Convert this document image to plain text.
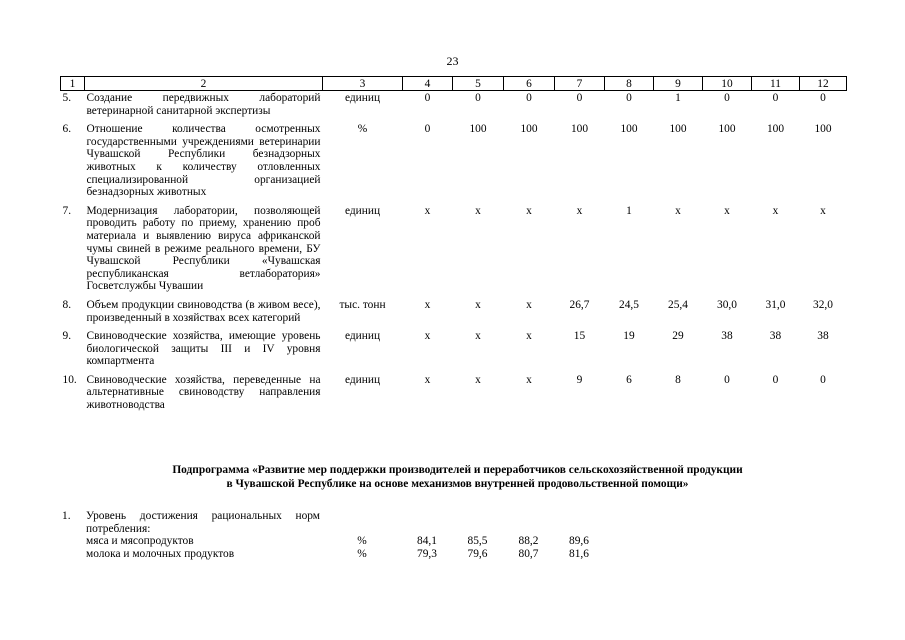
23
1	2	3	4	5	6	7	8	9	10	11	12
5.	Создание передвижных лабораторий ветеринарной санитарной экспертизы	единиц	0	0	0	0	0	1	0	0	0
6.	Отношение количества осмотренных государственными учреждениями ветеринарии Чувашской Республики безнадзорных животных к количеству отловленных специализированной организацией безнадзорных животных	%	0	100	100	100	100	100	100	100	100
7.	Модернизация лаборатории, позволяющей проводить работу по приему, хранению проб материала и выявлению вируса африканской чумы свиней в режиме реального времени, БУ Чувашской Республики «Чувашская республиканская ветлаборатория» Госветслужбы Чувашии	единиц	x	x	x	x	1	x	x	x	x
8.	Объем продукции свиноводства (в живом весе), произведенный в хозяйствах всех категорий	тыс. тонн	x	x	x	26,7	24,5	25,4	30,0	31,0	32,0
9.	Свиноводческие хозяйства, имеющие уровень биологической защиты III и IV уровня компартмента	единиц	x	x	x	15	19	29	38	38	38
10.	Свиноводческие хозяйства, переведенные на альтернативные свиноводству направления животноводства	единиц	x	x	x	9	6	8	0	0	0
Подпрограмма «Развитие мер поддержки производителей и переработчиков сельскохозяйственной продукции
в Чувашской Республике на основе механизмов внутренней продовольственной помощи»
1.	Уровень достижения рациональных норм потребления:										
	мяса и мясопродуктов	%	84,1	85,5	88,2	89,6					
	молока и молочных продуктов	%	79,3	79,6	80,7	81,6					
